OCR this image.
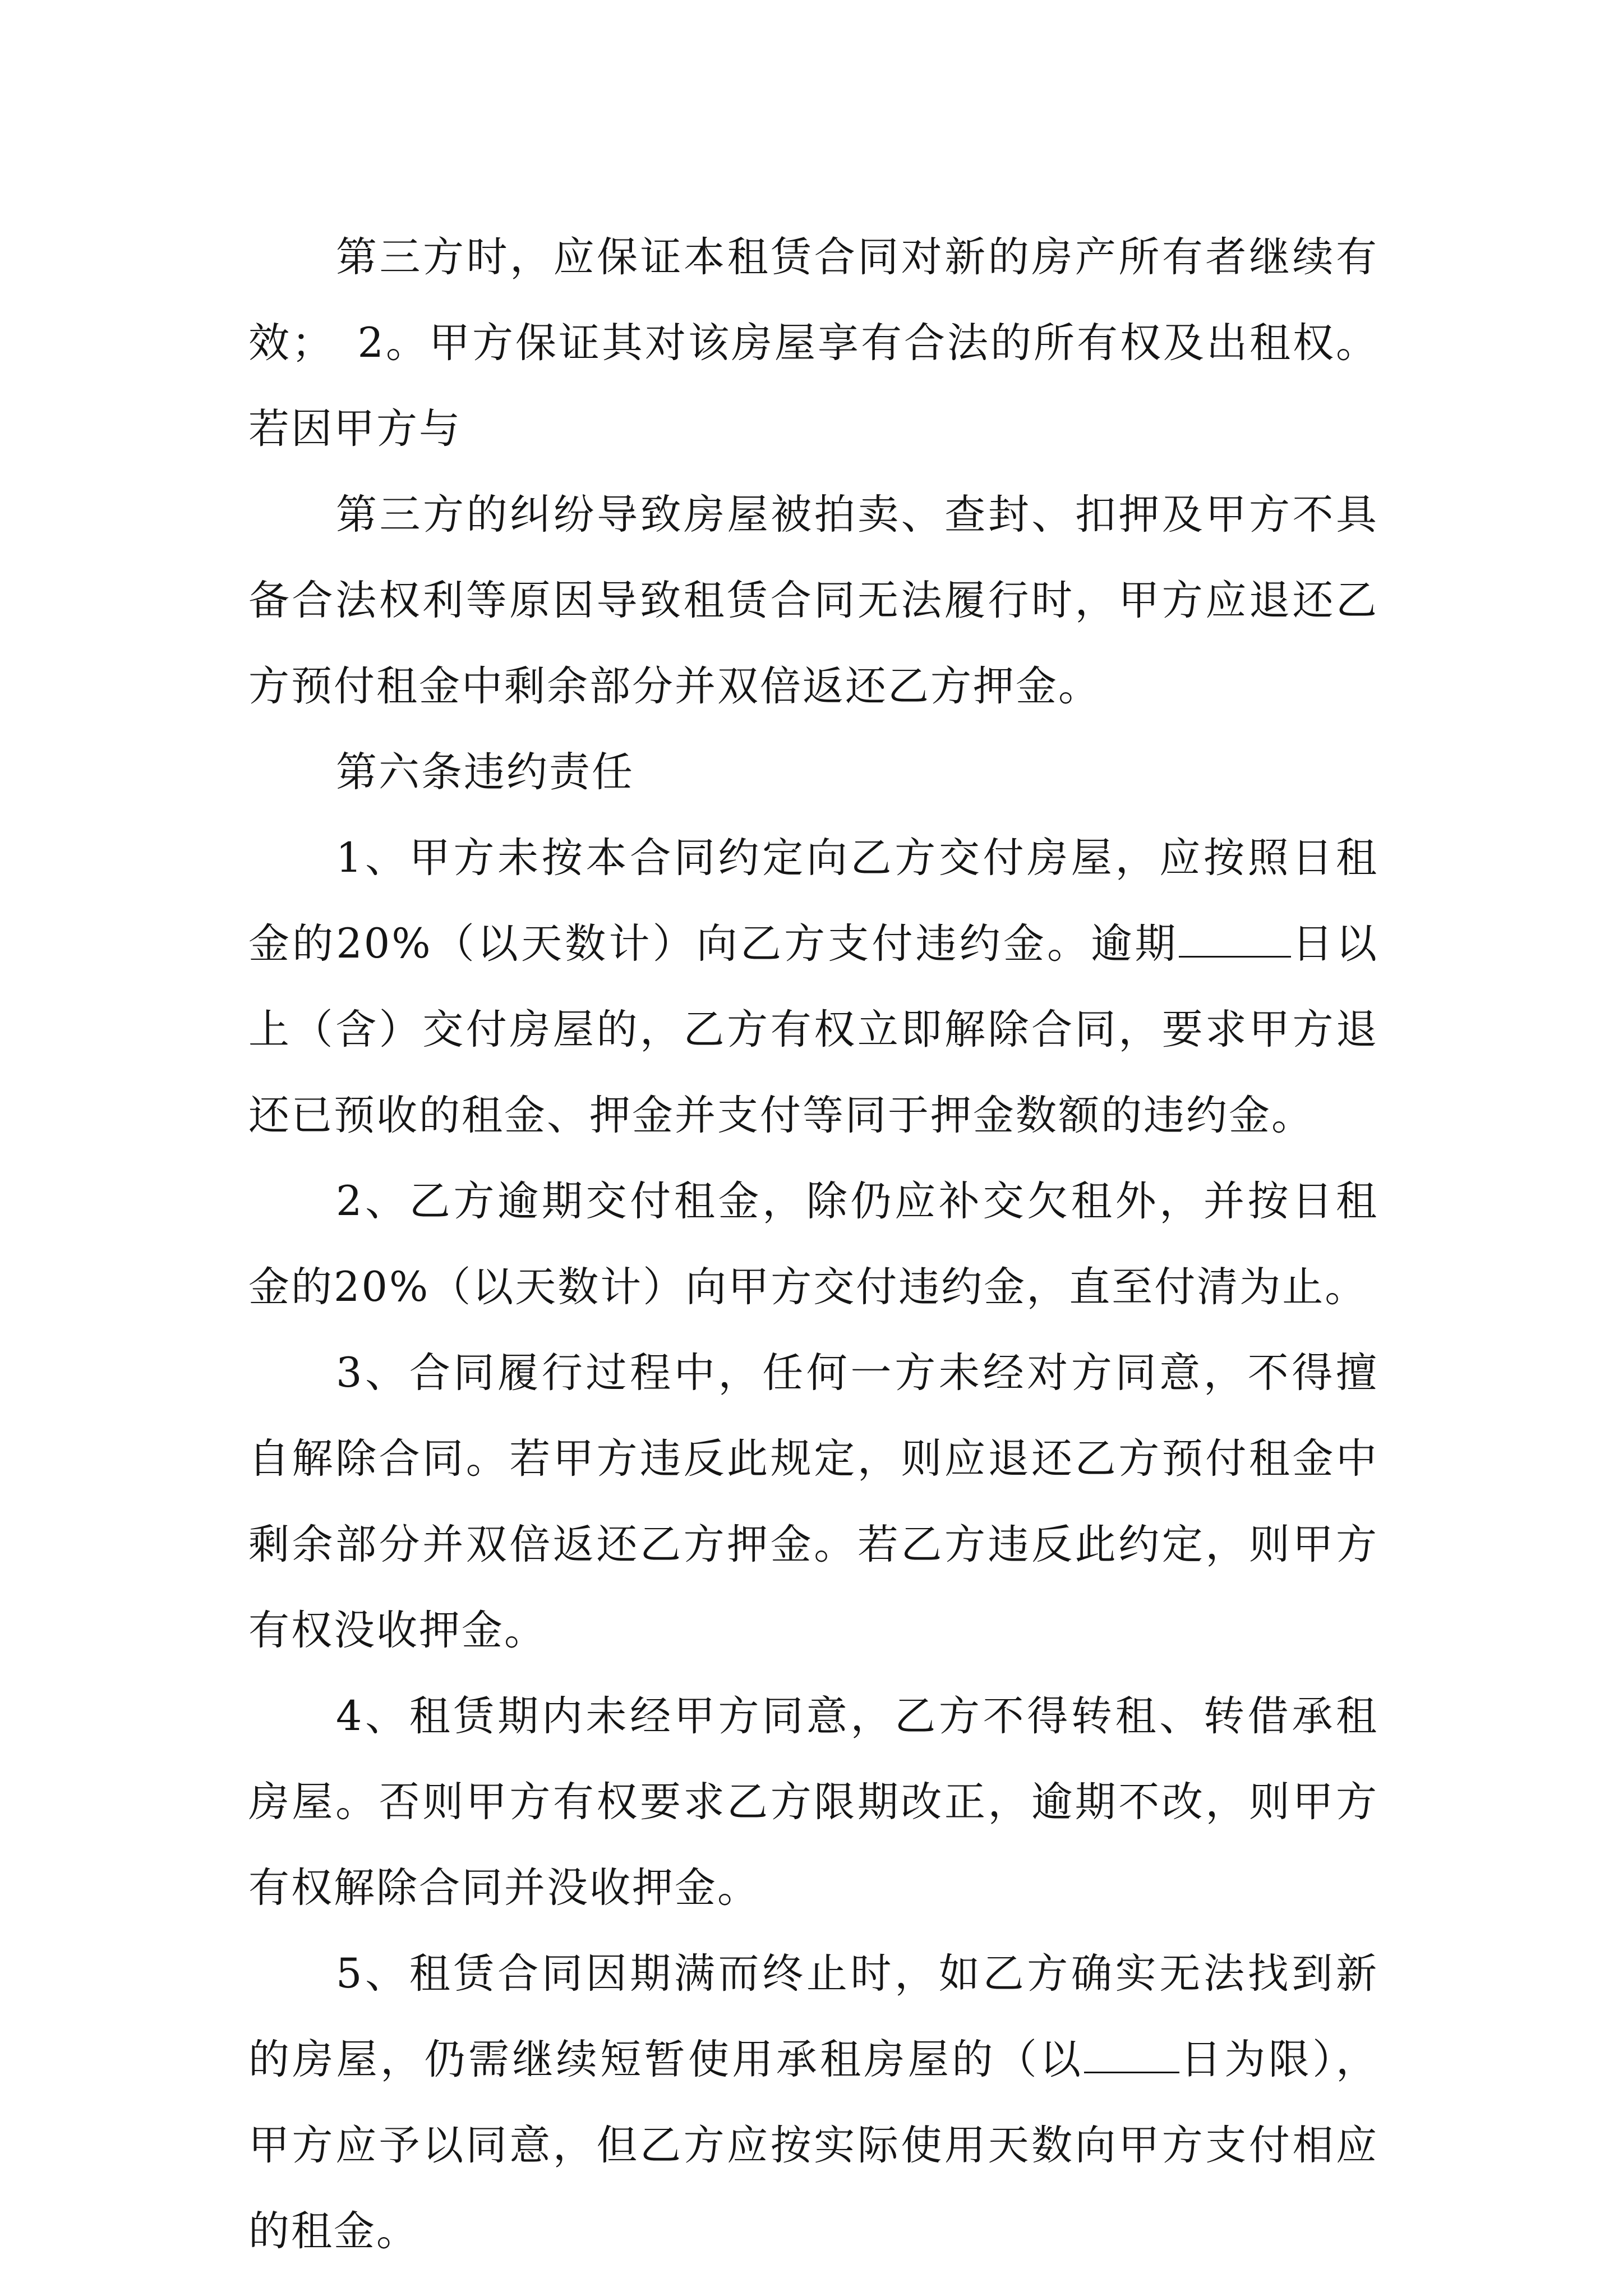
第三方时，应保证本租赁合同对新的房产所有者继续有效；　2。甲方保证其对该房屋享有合法的所有权及出租权。若因甲方与

第三方的纠纷导致房屋被拍卖、查封、扣押及甲方不具备合法权利等原因导致租赁合同无法履行时，甲方应退还乙方预付租金中剩余部分并双倍返还乙方押金。

第六条违约责任

1、甲方未按本合同约定向乙方交付房屋，应按照日租金的20%（以天数计）向乙方支付违约金。逾期	日以上（含）交付房屋的，乙方有权立即解除合同，要求甲方退还已预收的租金、押金并支付等同于押金数额的违约金。

2、乙方逾期交付租金，除仍应补交欠租外，并按日租金的20%（以天数计）向甲方交付违约金，直至付清为止。

3、合同履行过程中，任何一方未经对方同意，不得擅自解除合同。若甲方违反此规定，则应退还乙方预付租金中剩余部分并双倍返还乙方押金。若乙方违反此约定，则甲方有权没收押金。

4、租赁期内未经甲方同意，乙方不得转租、转借承租房屋。否则甲方有权要求乙方限期改正，逾期不改，则甲方有权解除合同并没收押金。

5、租赁合同因期满而终止时，如乙方确实无法找到新的房屋，仍需继续短暂使用承租房屋的（以 日为限），甲方应予以同意，但乙方应按实际使用天数向甲方支付相应的租金。
